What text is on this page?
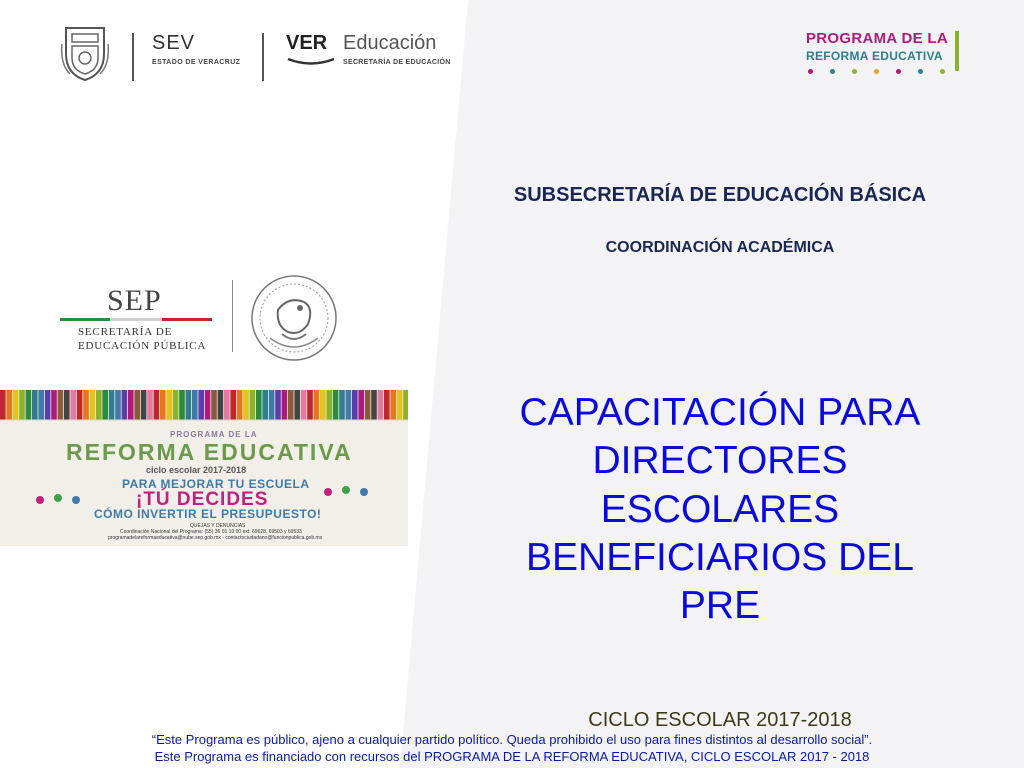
SEV
ESTADO DE VERACRUZ
VER Educación
SECRETARÍA DE EDUCACIÓN
PROGRAMA DE LA
REFORMA EDUCATIVA
SEP
SECRETARÍA DE
EDUCACIÓN PÚBLICA
PROGRAMA DE LA
REFORMA EDUCATIVA
ciclo escolar 2017-2018
PARA MEJORAR TU ESCUELA
¡TÚ DECIDES
CÓMO INVERTIR EL PRESUPUESTO!
QUEJAS Y DENUNCIAS
Coordinación Nacional del Programa: (55) 36 01 10 00 ext. 69628, 69503 y 69533
programadelareformaeducativa@nube.sep.gob.mx - contactociudadano@funcionpublica.gob.mx
SUBSECRETARÍA DE EDUCACIÓN BÁSICA
COORDINACIÓN ACADÉMICA
CAPACITACIÓN PARA
DIRECTORES
ESCOLARES
BENEFICIARIOS DEL
PRE
CICLO ESCOLAR 2017-2018
“Este Programa es público, ajeno a cualquier partido político. Queda prohibido el uso para fines distintos al desarrollo social”.
Este Programa es financiado con recursos del PROGRAMA DE LA REFORMA EDUCATIVA, CICLO ESCOLAR 2017 - 2018
